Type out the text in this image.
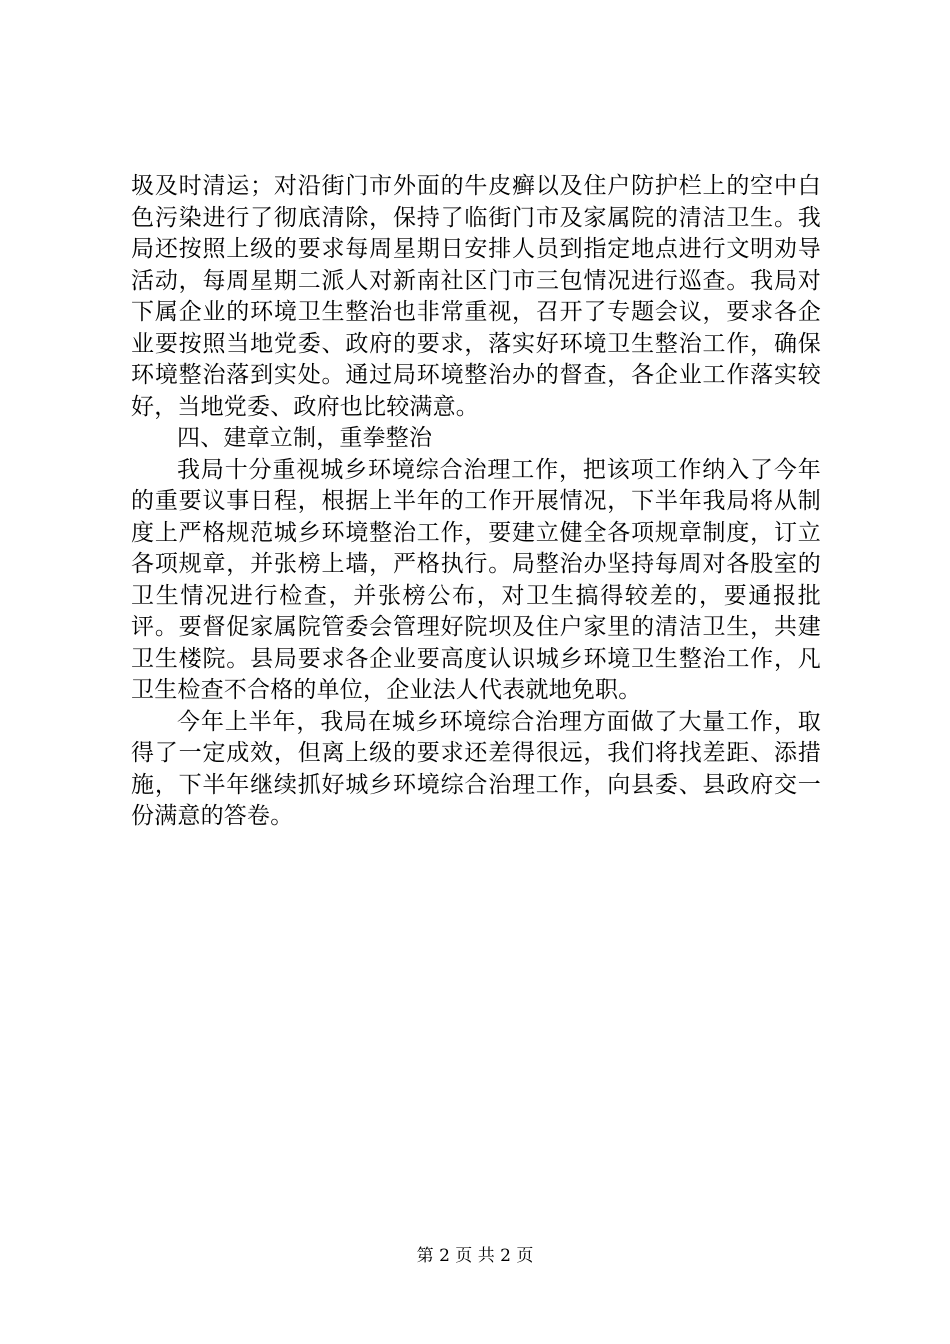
圾及时清运；对沿街门市外面的牛皮癣以及住户防护栏上的空中白色污染进行了彻底清除，保持了临街门市及家属院的清洁卫生。我局还按照上级的要求每周星期日安排人员到指定地点进行文明劝导活动，每周星期二派人对新南社区门市三包情况进行巡查。我局对下属企业的环境卫生整治也非常重视，召开了专题会议，要求各企业要按照当地党委、政府的要求，落实好环境卫生整治工作，确保环境整治落到实处。通过局环境整治办的督查，各企业工作落实较好，当地党委、政府也比较满意。

四、建章立制，重拳整治

我局十分重视城乡环境综合治理工作，把该项工作纳入了今年的重要议事日程，根据上半年的工作开展情况，下半年我局将从制度上严格规范城乡环境整治工作，要建立健全各项规章制度，订立各项规章，并张榜上墙，严格执行。局整治办坚持每周对各股室的卫生情况进行检查，并张榜公布，对卫生搞得较差的，要通报批评。要督促家属院管委会管理好院坝及住户家里的清洁卫生，共建卫生楼院。县局要求各企业要高度认识城乡环境卫生整治工作，凡卫生检查不合格的单位，企业法人代表就地免职。

今年上半年，我局在城乡环境综合治理方面做了大量工作，取得了一定成效，但离上级的要求还差得很远，我们将找差距、添措施，下半年继续抓好城乡环境综合治理工作，向县委、县政府交一份满意的答卷。

第 2 页 共 2 页
